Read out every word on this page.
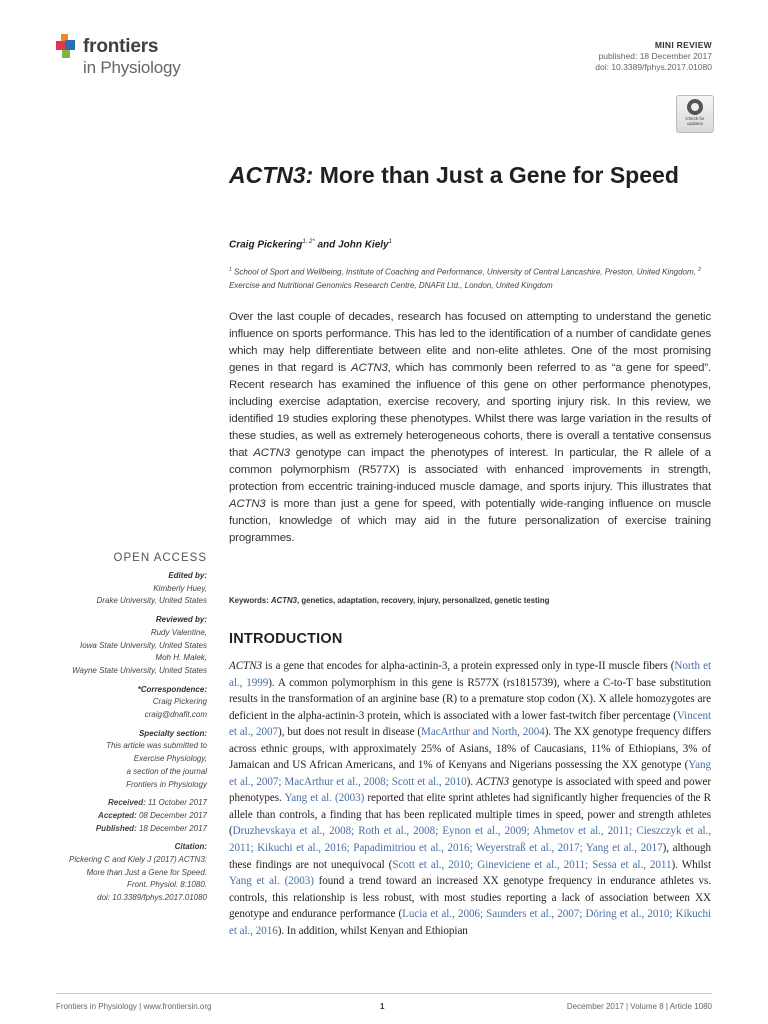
frontiers
in Physiology
MINI REVIEW
published: 18 December 2017
doi: 10.3389/fphys.2017.01080
Check for updates
ACTN3: More than Just a Gene for Speed
Craig Pickering$^{1, 2*}$ and John Kiely$^1$
$^1$ School of Sport and Wellbeing, Institute of Coaching and Performance, University of Central Lancashire, Preston, United Kingdom, $^2$ Exercise and Nutritional Genomics Research Centre, DNAFit Ltd., London, United Kingdom
Over the last couple of decades, research has focused on attempting to understand the genetic influence on sports performance. This has led to the identification of a number of candidate genes which may help differentiate between elite and non-elite athletes. One of the most promising genes in that regard is ACTN3, which has commonly been referred to as “a gene for speed”. Recent research has examined the influence of this gene on other performance phenotypes, including exercise adaptation, exercise recovery, and sporting injury risk. In this review, we identified 19 studies exploring these phenotypes. Whilst there was large variation in the results of these studies, as well as extremely heterogeneous cohorts, there is overall a tentative consensus that ACTN3 genotype can impact the phenotypes of interest. In particular, the R allele of a common polymorphism (R577X) is associated with enhanced improvements in strength, protection from eccentric training-induced muscle damage, and sports injury. This illustrates that ACTN3 is more than just a gene for speed, with potentially wide-ranging influence on muscle function, knowledge of which may aid in the future personalization of exercise training programmes.
Keywords: ACTN3, genetics, adaptation, recovery, injury, personalized, genetic testing
OPEN ACCESS
Edited by:
Kimberly Huey,
Drake University, United States
Reviewed by:
Rudy Valentine,
Iowa State University, United States
Moh H. Malek,
Wayne State University, United States
*Correspondence:
Craig Pickering
craig@dnafit.com
Specialty section:
This article was submitted to
Exercise Physiology,
a section of the journal
Frontiers in Physiology
Received: 11 October 2017
Accepted: 08 December 2017
Published: 18 December 2017
Citation:
Pickering C and Kiely J (2017) ACTN3:
More than Just a Gene for Speed.
Front. Physiol. 8:1080.
doi: 10.3389/fphys.2017.01080
INTRODUCTION
ACTN3 is a gene that encodes for alpha-actinin-3, a protein expressed only in type-II muscle fibers (North et al., 1999). A common polymorphism in this gene is R577X (rs1815739), where a C-to-T base substitution results in the transformation of an arginine base (R) to a premature stop codon (X). X allele homozygotes are deficient in the alpha-actinin-3 protein, which is associated with a lower fast-twitch fiber percentage (Vincent et al., 2007), but does not result in disease (MacArthur and North, 2004). The XX genotype frequency differs across ethnic groups, with approximately 25% of Asians, 18% of Caucasians, 11% of Ethiopians, 3% of Jamaican and US African Americans, and 1% of Kenyans and Nigerians possessing the XX genotype (Yang et al., 2007; MacArthur et al., 2008; Scott et al., 2010). ACTN3 genotype is associated with speed and power phenotypes. Yang et al. (2003) reported that elite sprint athletes had significantly higher frequencies of the R allele than controls, a finding that has been replicated multiple times in speed, power and strength athletes (Druzhevskaya et al., 2008; Roth et al., 2008; Eynon et al., 2009; Ahmetov et al., 2011; Cieszczyk et al., 2011; Kikuchi et al., 2016; Papadimitriou et al., 2016; Weyerstraß et al., 2017; Yang et al., 2017), although these findings are not unequivocal (Scott et al., 2010; Gineviciene et al., 2011; Sessa et al., 2011). Whilst Yang et al. (2003) found a trend toward an increased XX genotype frequency in endurance athletes vs. controls, this relationship is less robust, with most studies reporting a lack of association between XX genotype and endurance performance (Lucia et al., 2006; Saunders et al., 2007; Döring et al., 2010; Kikuchi et al., 2016). In addition, whilst Kenyan and Ethiopian
Frontiers in Physiology | www.frontiersin.org	1	December 2017 | Volume 8 | Article 1080
